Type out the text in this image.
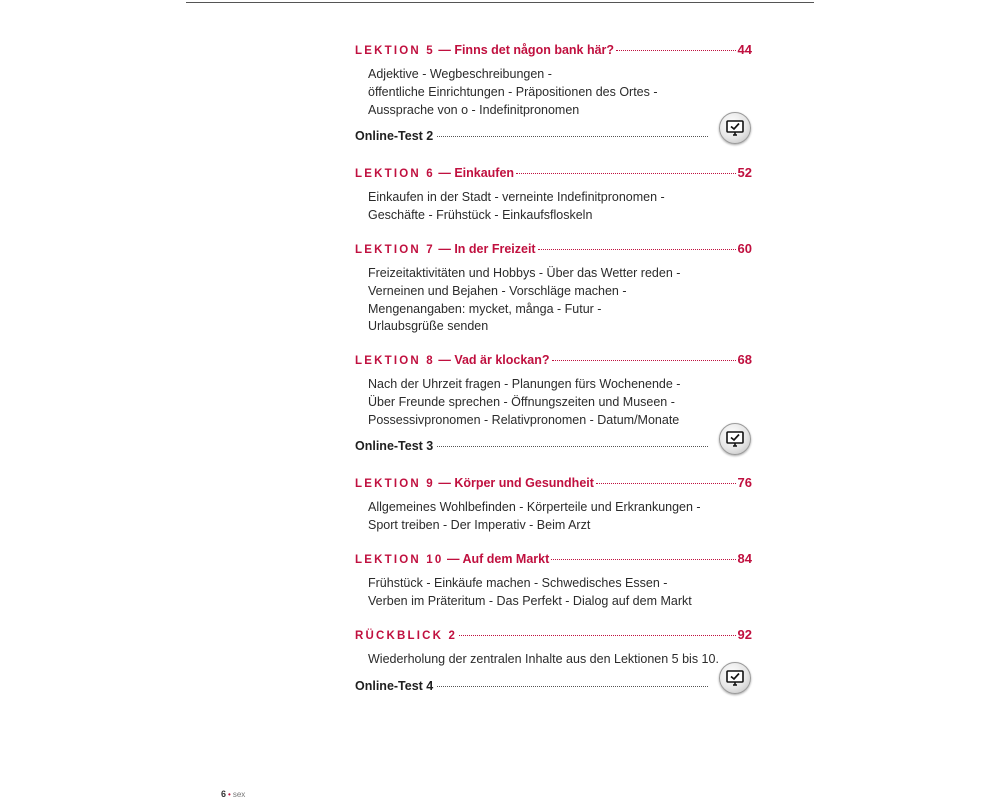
LEKTION 5 — Finns det någon bank här?	44
Adjektive - Wegbeschreibungen -
öffentliche Einrichtungen - Präpositionen des Ortes -
Aussprache von o - Indefinitpronomen
Online-Test 2
LEKTION 6 — Einkaufen	52
Einkaufen in der Stadt - verneinte Indefinitpronomen -
Geschäfte - Frühstück - Einkaufsfloskeln
LEKTION 7 — In der Freizeit	60
Freizeitaktivitäten und Hobbys - Über das Wetter reden -
Verneinen und Bejahen - Vorschläge machen -
Mengenangaben: mycket, många - Futur -
Urlaubsgrüße senden
LEKTION 8 — Vad är klockan?	68
Nach der Uhrzeit fragen - Planungen fürs Wochenende -
Über Freunde sprechen - Öffnungszeiten und Museen -
Possessivpronomen - Relativpronomen - Datum/Monate
Online-Test 3
LEKTION 9 — Körper und Gesundheit	76
Allgemeines Wohlbefinden - Körperteile und Erkrankungen -
Sport treiben - Der Imperativ - Beim Arzt
LEKTION 10 — Auf dem Markt	84
Frühstück - Einkäufe machen - Schwedisches Essen -
Verben im Präteritum - Das Perfekt - Dialog auf dem Markt
RÜCKBLICK 2	92
Wiederholung der zentralen Inhalte aus den Lektionen 5 bis 10.
Online-Test 4
6 • sex
